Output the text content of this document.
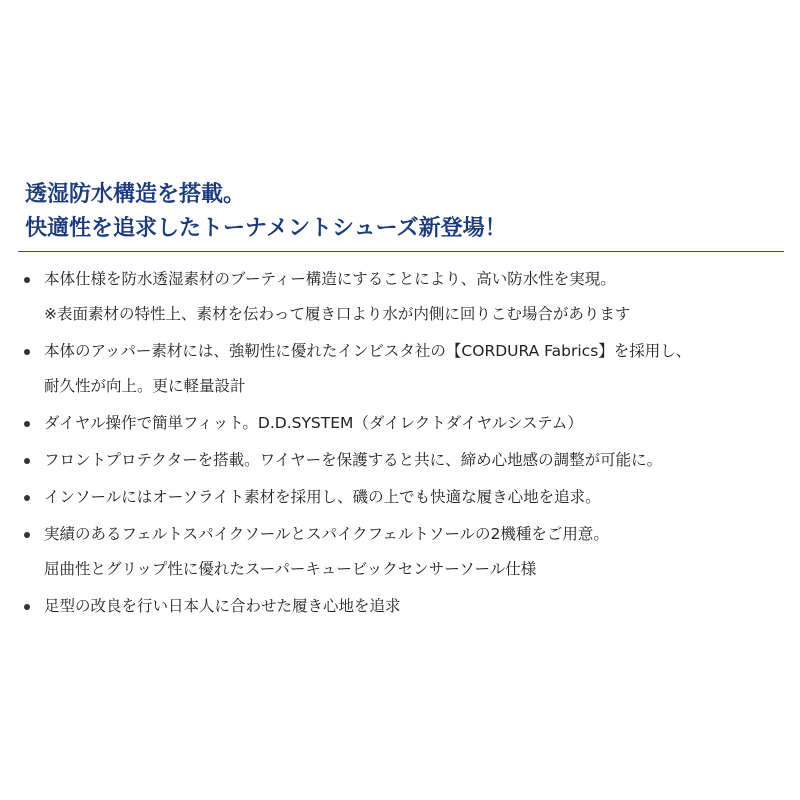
透湿防水構造を搭載。
快適性を追求したトーナメントシューズ新登場！
本体仕様を防水透湿素材のブーティー構造にすることにより、高い防水性を実現。
※表面素材の特性上、素材を伝わって履き口より水が内側に回りこむ場合があります
本体のアッパー素材には、強靭性に優れたインビスタ社の【CORDURA Fabrics】を採用し、
耐久性が向上。更に軽量設計
ダイヤル操作で簡単フィット。D.D.SYSTEM（ダイレクトダイヤルシステム）
フロントプロテクターを搭載。ワイヤーを保護すると共に、締め心地感の調整が可能に。
インソールにはオーソライト素材を採用し、磯の上でも快適な履き心地を追求。
実績のあるフェルトスパイクソールとスパイクフェルトソールの2機種をご用意。
屈曲性とグリップ性に優れたスーパーキュービックセンサーソール仕様
足型の改良を行い日本人に合わせた履き心地を追求
